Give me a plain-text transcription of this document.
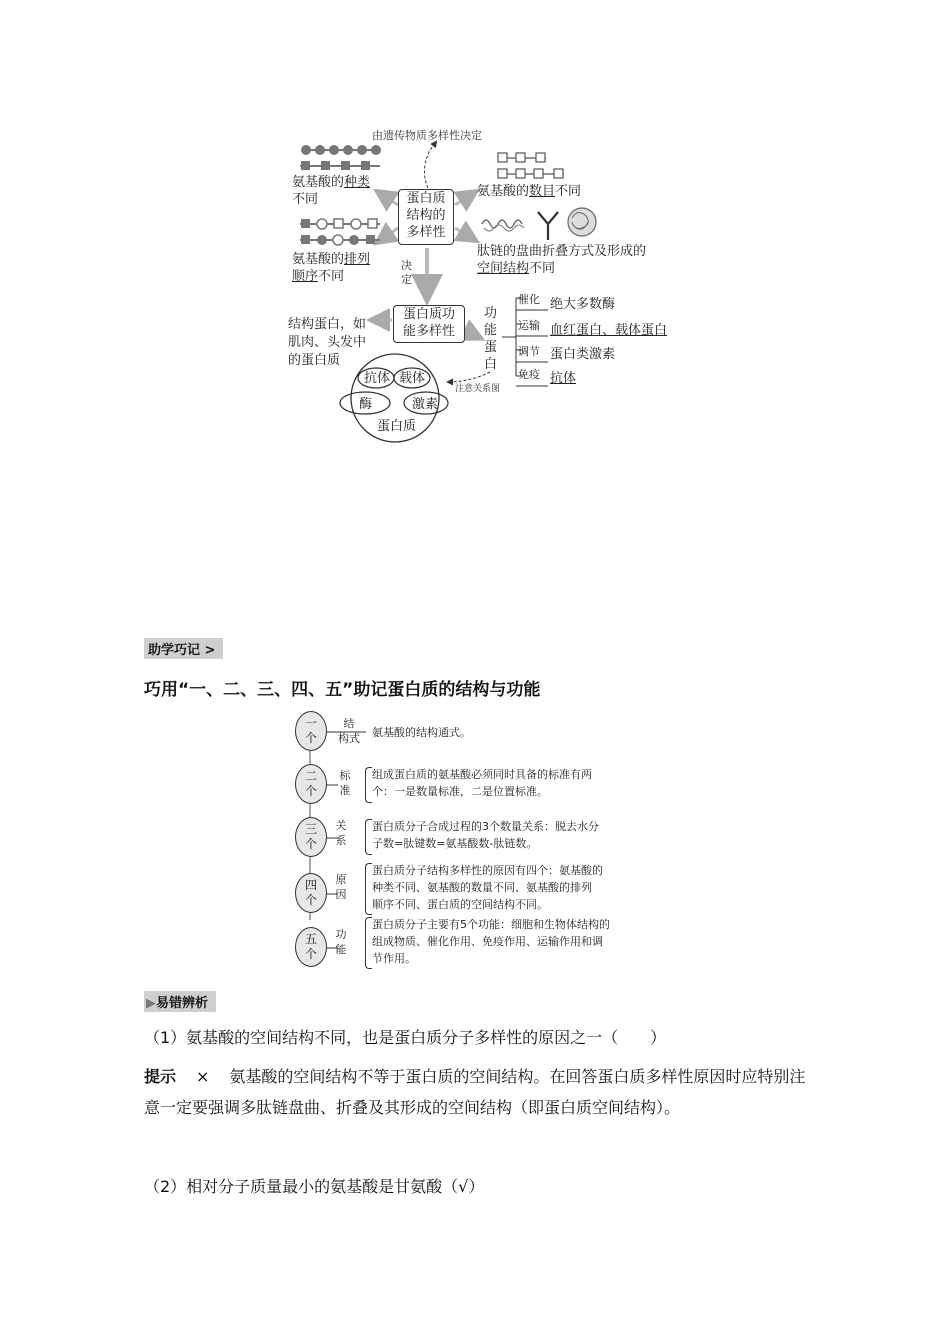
由遗传物质多样性决定
蛋白质
结构的
多样性
氨基酸的种类
不同
氨基酸的排列
顺序不同
氨基酸的数目不同
肽链的盘曲折叠方式及形成的
空间结构不同
决
定
蛋白质功
能多样性
结构蛋白，如
肌肉、头发中
的蛋白质
功
能
蛋
白
催化 绝大多数酶
运输 血红蛋白、载体蛋白
调节 蛋白类激素
免疫 抗体
注意关系图
抗体 载体
酶	激素
蛋白质
助学巧记 >
巧用“一、二、三、四、五”助记蛋白质的结构与功能
一
个
结
构式 氨基酸的结构通式。
二
个
标
准
组成蛋白质的氨基酸必须同时具备的标准有两
个：一是数量标准，二是位置标准。
三
个
关
系
蛋白质分子合成过程的3个数量关系：脱去水分
子数=肽键数=氨基酸数-肽链数。
四
个
原
因
蛋白质分子结构多样性的原因有四个：氨基酸的
种类不同、氨基酸的数量不同、氨基酸的排列
顺序不同、蛋白质的空间结构不同。
五
个
功
能
蛋白质分子主要有5个功能：细胞和生物体结构的
组成物质、催化作用、免疫作用、运输作用和调
节作用。
▶易错辨析
（1）氨基酸的空间结构不同，也是蛋白质分子多样性的原因之一（　　）
提示 × 氨基酸的空间结构不等于蛋白质的空间结构。在回答蛋白质多样性原因时应特别注意一定要强调多肽链盘曲、折叠及其形成的空间结构（即蛋白质空间结构）。
（2）相对分子质量最小的氨基酸是甘氨酸（√）
